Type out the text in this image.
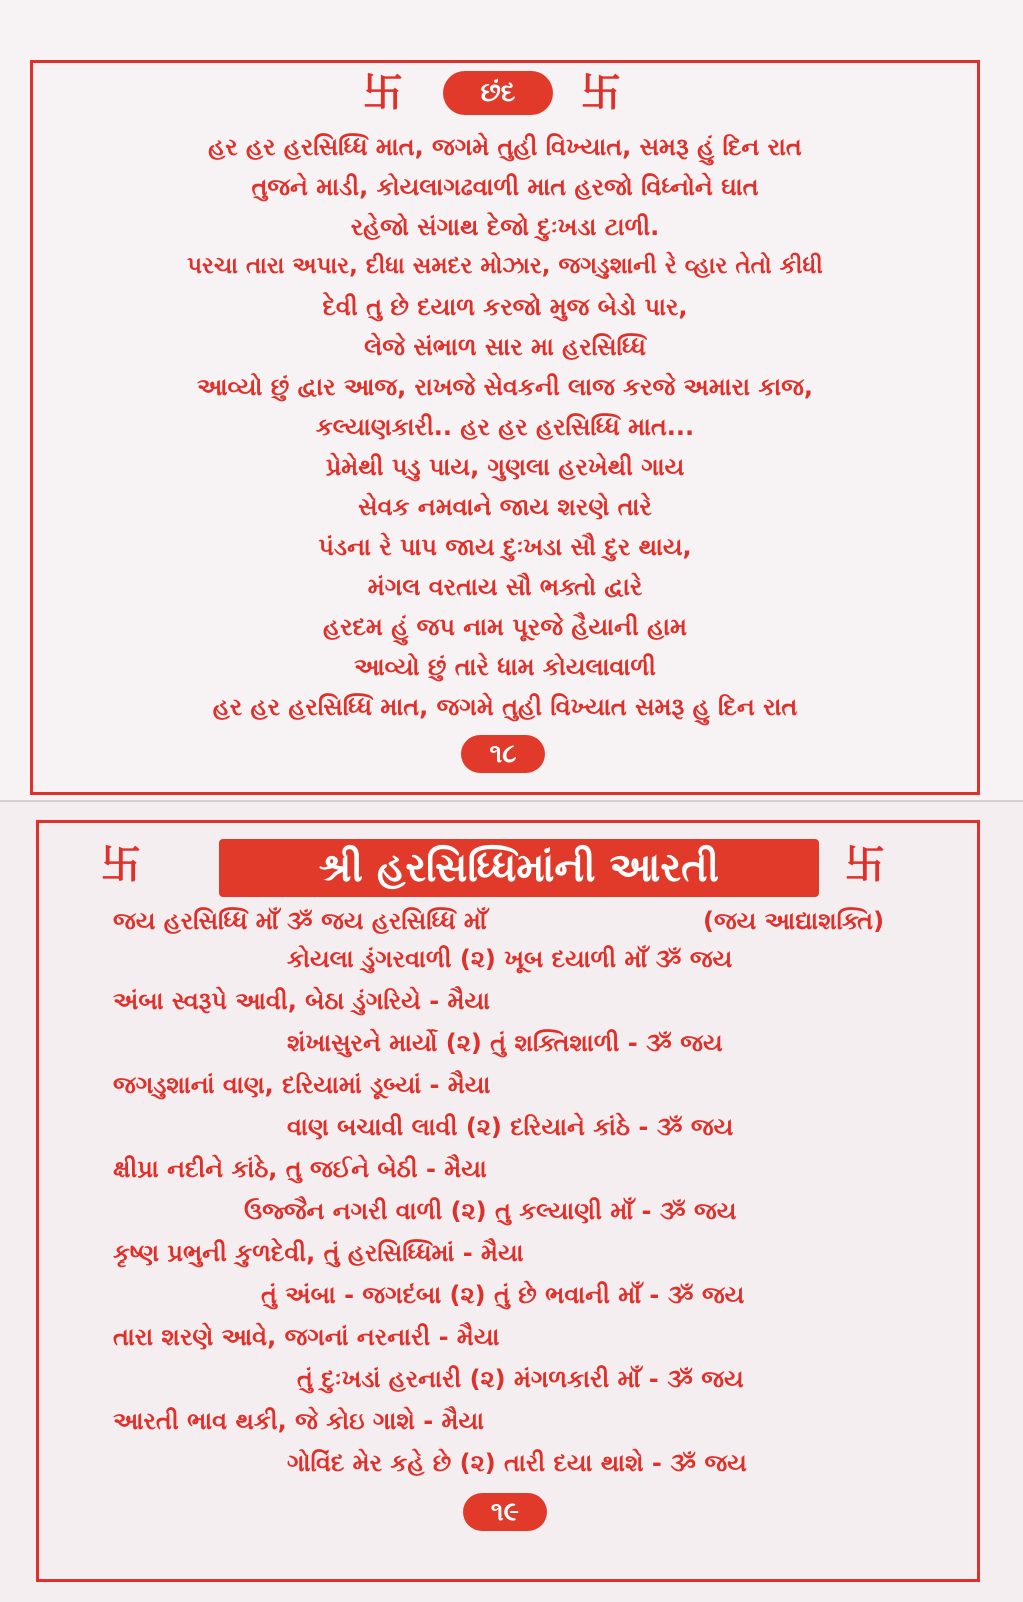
卐	છંદ	卐
હર હર હરસિધ્ધિ માત, જગમે તુહી વિખ્યાત, સમરૂ હું દિન રાત
તુજને માડી, કોયલાગઢવાળી માત હરજો વિધ્નોને ઘાત
રહેજો સંગાથ દેજો દુઃખડા ટાળી.
પરચા તારા અપાર, દીધા સમદર મોઝાર, જગડુશાની રે વ્હાર તેતો કીધી
દેવી તુ છે દયાળ કરજો મુજ બેડો પાર,
લેજે સંભાળ સાર મા હરસિધ્ધિ
આવ્યો છું દ્વાર આજ, રાખજે સેવકની લાજ કરજે અમારા કાજ,
કલ્યાણકારી.. હર હર હરસિધ્ધિ માત...
પ્રેમેથી પડુ પાય, ગુણલા હરખેથી ગાય
સેવક નમવાને જાય શરણે તારે
પંડના રે પાપ જાય દુઃખડા સૌ દુર થાય,
મંગલ વરતાય સૌ ભક્તો દ્વારે
હરદમ હું જપ નામ પૂરજે હૈયાની હામ
આવ્યો છું તારે ધામ કોયલાવાળી
હર હર હરસિધ્ધિ માત, જગમે તુહી વિખ્યાત સમરૂ હુ દિન રાત
૧૮
卐	શ્રી હરસિધ્ધિમાંની આરતી	卐
જય હરસિધ્ધિ માઁ ૐ જય હરસિધ્ધિ માઁ	(જય આદ્યાશક્તિ)
કોયલા ડુંગરવાળી (૨) ખૂબ દયાળી માઁ ૐ જય
અંબા સ્વરૂપે આવી, બેઠા ડુંગરિયે - મૈયા
શંખાસુરને માર્યો (૨) તું શક્તિશાળી - ૐ જય
જગડુશાનાં વાણ, દરિયામાં ડૂબ્યાં - મૈયા
વાણ બચાવી લાવી (૨) દરિયાને કાંઠે - ૐ જય
ક્ષીપ્રા નદીને કાંઠે, તુ જઈને બેઠી - મૈયા
ઉજ્જૈન નગરી વાળી (૨) તુ કલ્યાણી માઁ - ૐ જય
કૃષ્ણ પ્રભુની કુળદેવી, તું હરસિધ્ધિમાં - મૈયા
તું અંબા - જગદંબા (૨) તું છે ભવાની માઁ - ૐ જય
તારા શરણે આવે, જગનાં નરનારી - મૈયા
તું દુઃખડાં હરનારી (૨) મંગળકારી માઁ - ૐ જય
આરતી ભાવ થકી, જે કોઇ ગાશે - મૈયા
ગોવિંદ મેર કહે છે (૨) તારી દયા થાશે - ૐ જય
૧૯
